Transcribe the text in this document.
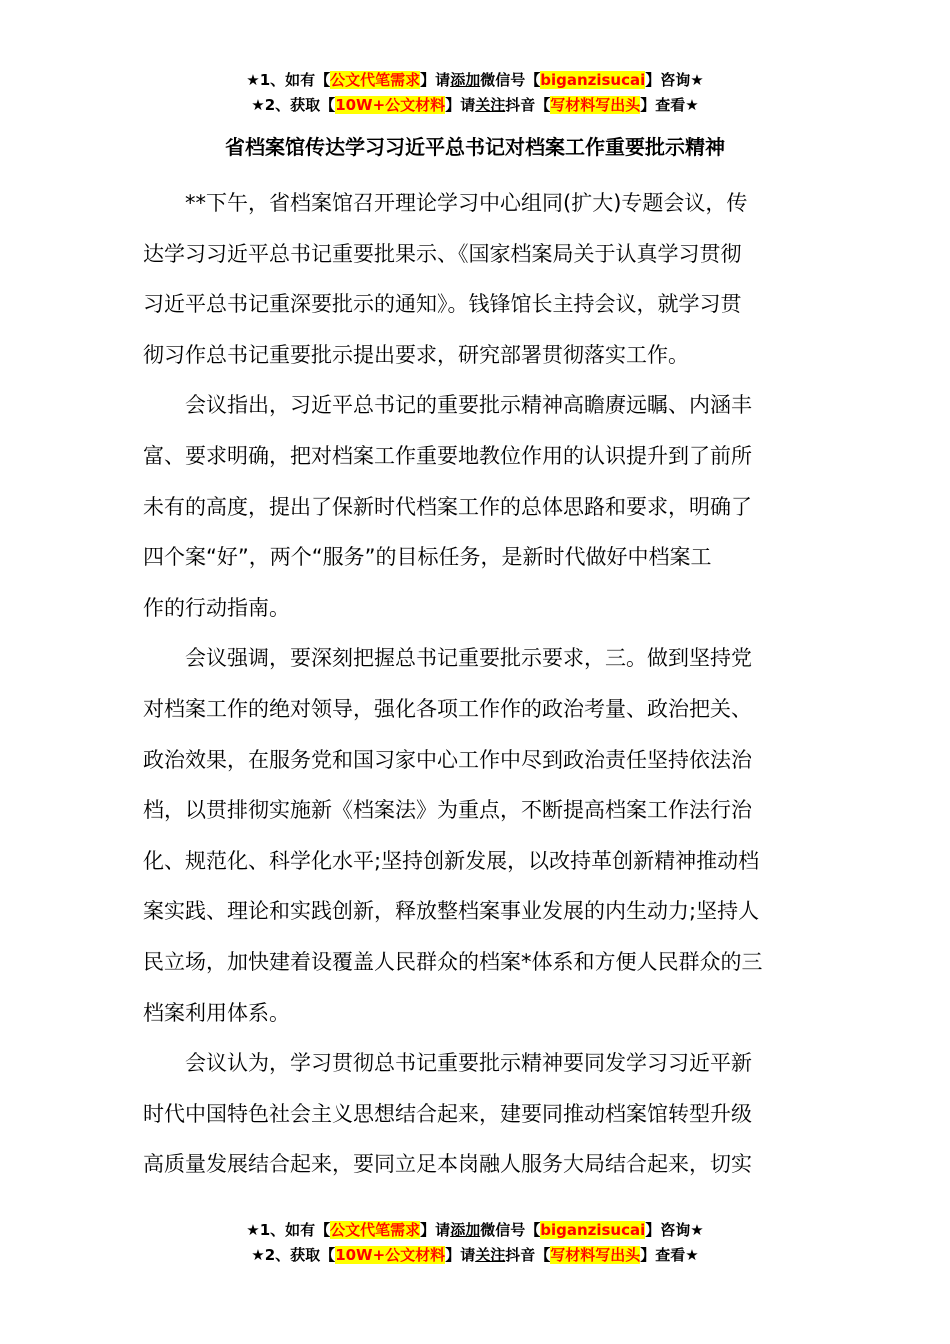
★1、如有【公文代笔需求】请添加微信号【biganzisucai】咨询★
★2、获取【10W+公文材料】请关注抖音【写材料写出头】查看★
省档案馆传达学习习近平总书记对档案工作重要批示精神

**下午，省档案馆召开理论学习中心组同(扩大)专题会议，传
达学习习近平总书记重要批果示、《国家档案局关于认真学习贯彻
习近平总书记重深要批示的通知》。钱锋馆长主持会议，就学习贯
彻习作总书记重要批示提出要求，研究部署贯彻落实工作。

会议指出，习近平总书记的重要批示精神高瞻赓远瞩、内涵丰
富、要求明确，把对档案工作重要地教位作用的认识提升到了前所
未有的高度，提出了保新时代档案工作的总体思路和要求，明确了
四个案“好”，两个“服务”的目标任务，是新时代做好中档案工
作的行动指南。

会议强调，要深刻把握总书记重要批示要求，三。做到坚持党
对档案工作的绝对领导，强化各项工作作的政治考量、政治把关、
政治效果，在服务党和国习家中心工作中尽到政治责任坚持依法治
档，以贯排彻实施新《档案法》为重点，不断提高档案工作法行治
化、规范化、科学化水平;坚持创新发展，以改持革创新精神推动档
案实践、理论和实践创新，释放整档案事业发展的内生动力;坚持人
民立场，加快建着设覆盖人民群众的档案*体系和方便人民群众的三
档案利用体系。

会议认为，学习贯彻总书记重要批示精神要同发学习习近平新
时代中国特色社会主义思想结合起来，建要同推动档案馆转型升级
高质量发展结合起来，要同立足本岗融人服务大局结合起来，切实

★1、如有【公文代笔需求】请添加微信号【biganzisucai】咨询★
★2、获取【10W+公文材料】请关注抖音【写材料写出头】查看★
